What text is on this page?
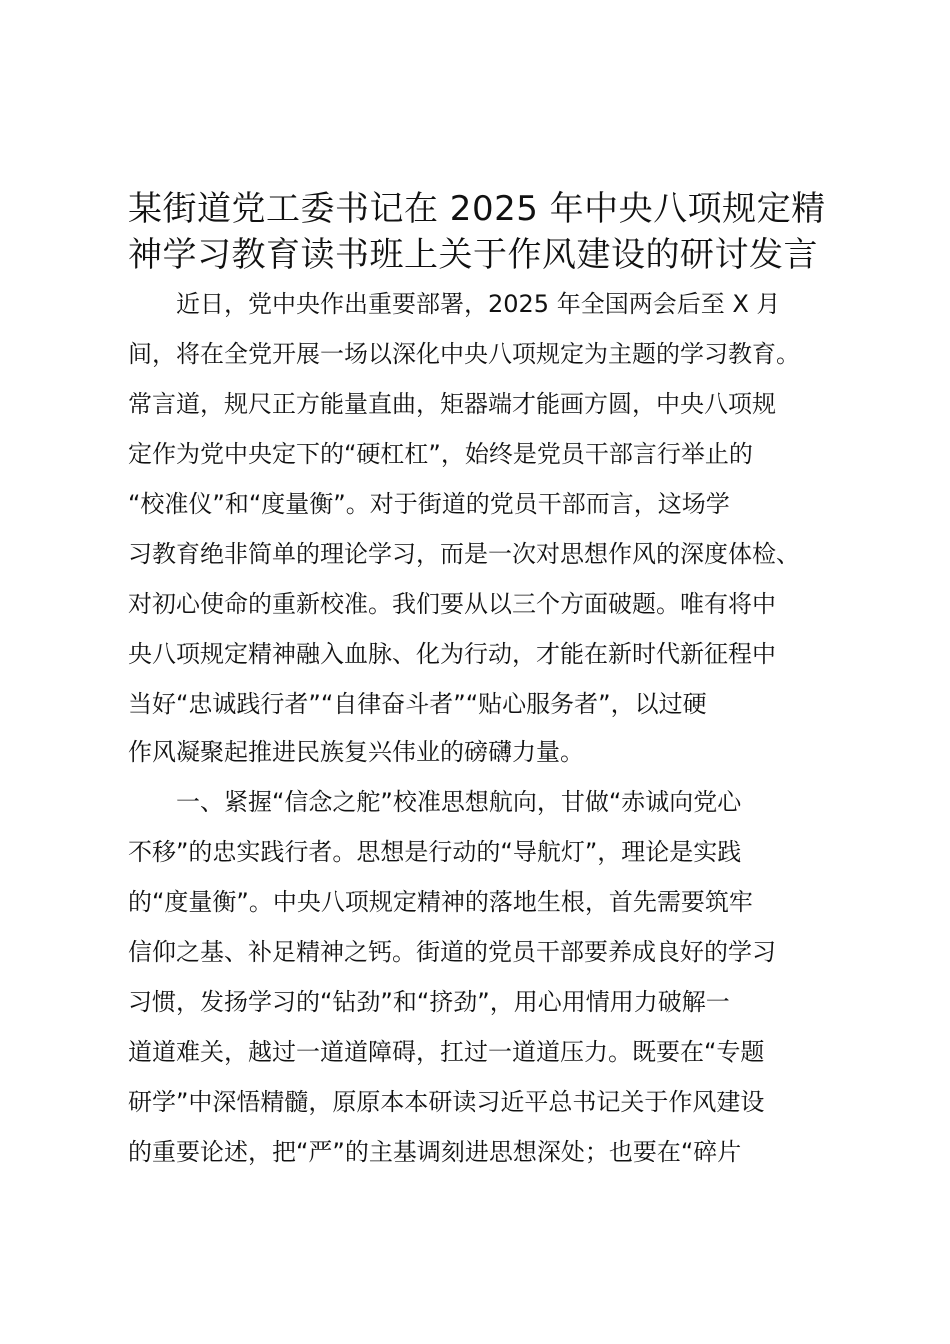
某街道党工委书记在 2025 年中央八项规定精
神学习教育读书班上关于作风建设的研讨发言
　　近日，党中央作出重要部署，2025 年全国两会后至 X 月
间，将在全党开展一场以深化中央八项规定为主题的学习教育。
常言道，规尺正方能量直曲，矩器端才能画方圆，中央八项规
定作为党中央定下的“硬杠杠”，始终是党员干部言行举止的
“校准仪”和“度量衡”。对于街道的党员干部而言，这场学
习教育绝非简单的理论学习，而是一次对思想作风的深度体检、
对初心使命的重新校准。我们要从以三个方面破题。唯有将中
央八项规定精神融入血脉、化为行动，才能在新时代新征程中
当好“忠诚践行者”“自律奋斗者”“贴心服务者”，以过硬
作风凝聚起推进民族复兴伟业的磅礴力量。
　　一、紧握“信念之舵”校准思想航向，甘做“赤诚向党心
不移”的忠实践行者。思想是行动的“导航灯”，理论是实践
的“度量衡”。中央八项规定精神的落地生根，首先需要筑牢
信仰之基、补足精神之钙。街道的党员干部要养成良好的学习
习惯，发扬学习的“钻劲”和“挤劲”，用心用情用力破解一
道道难关，越过一道道障碍，扛过一道道压力。既要在“专题
研学”中深悟精髓，原原本本研读习近平总书记关于作风建设
的重要论述，把“严”的主基调刻进思想深处；也要在“碎片
